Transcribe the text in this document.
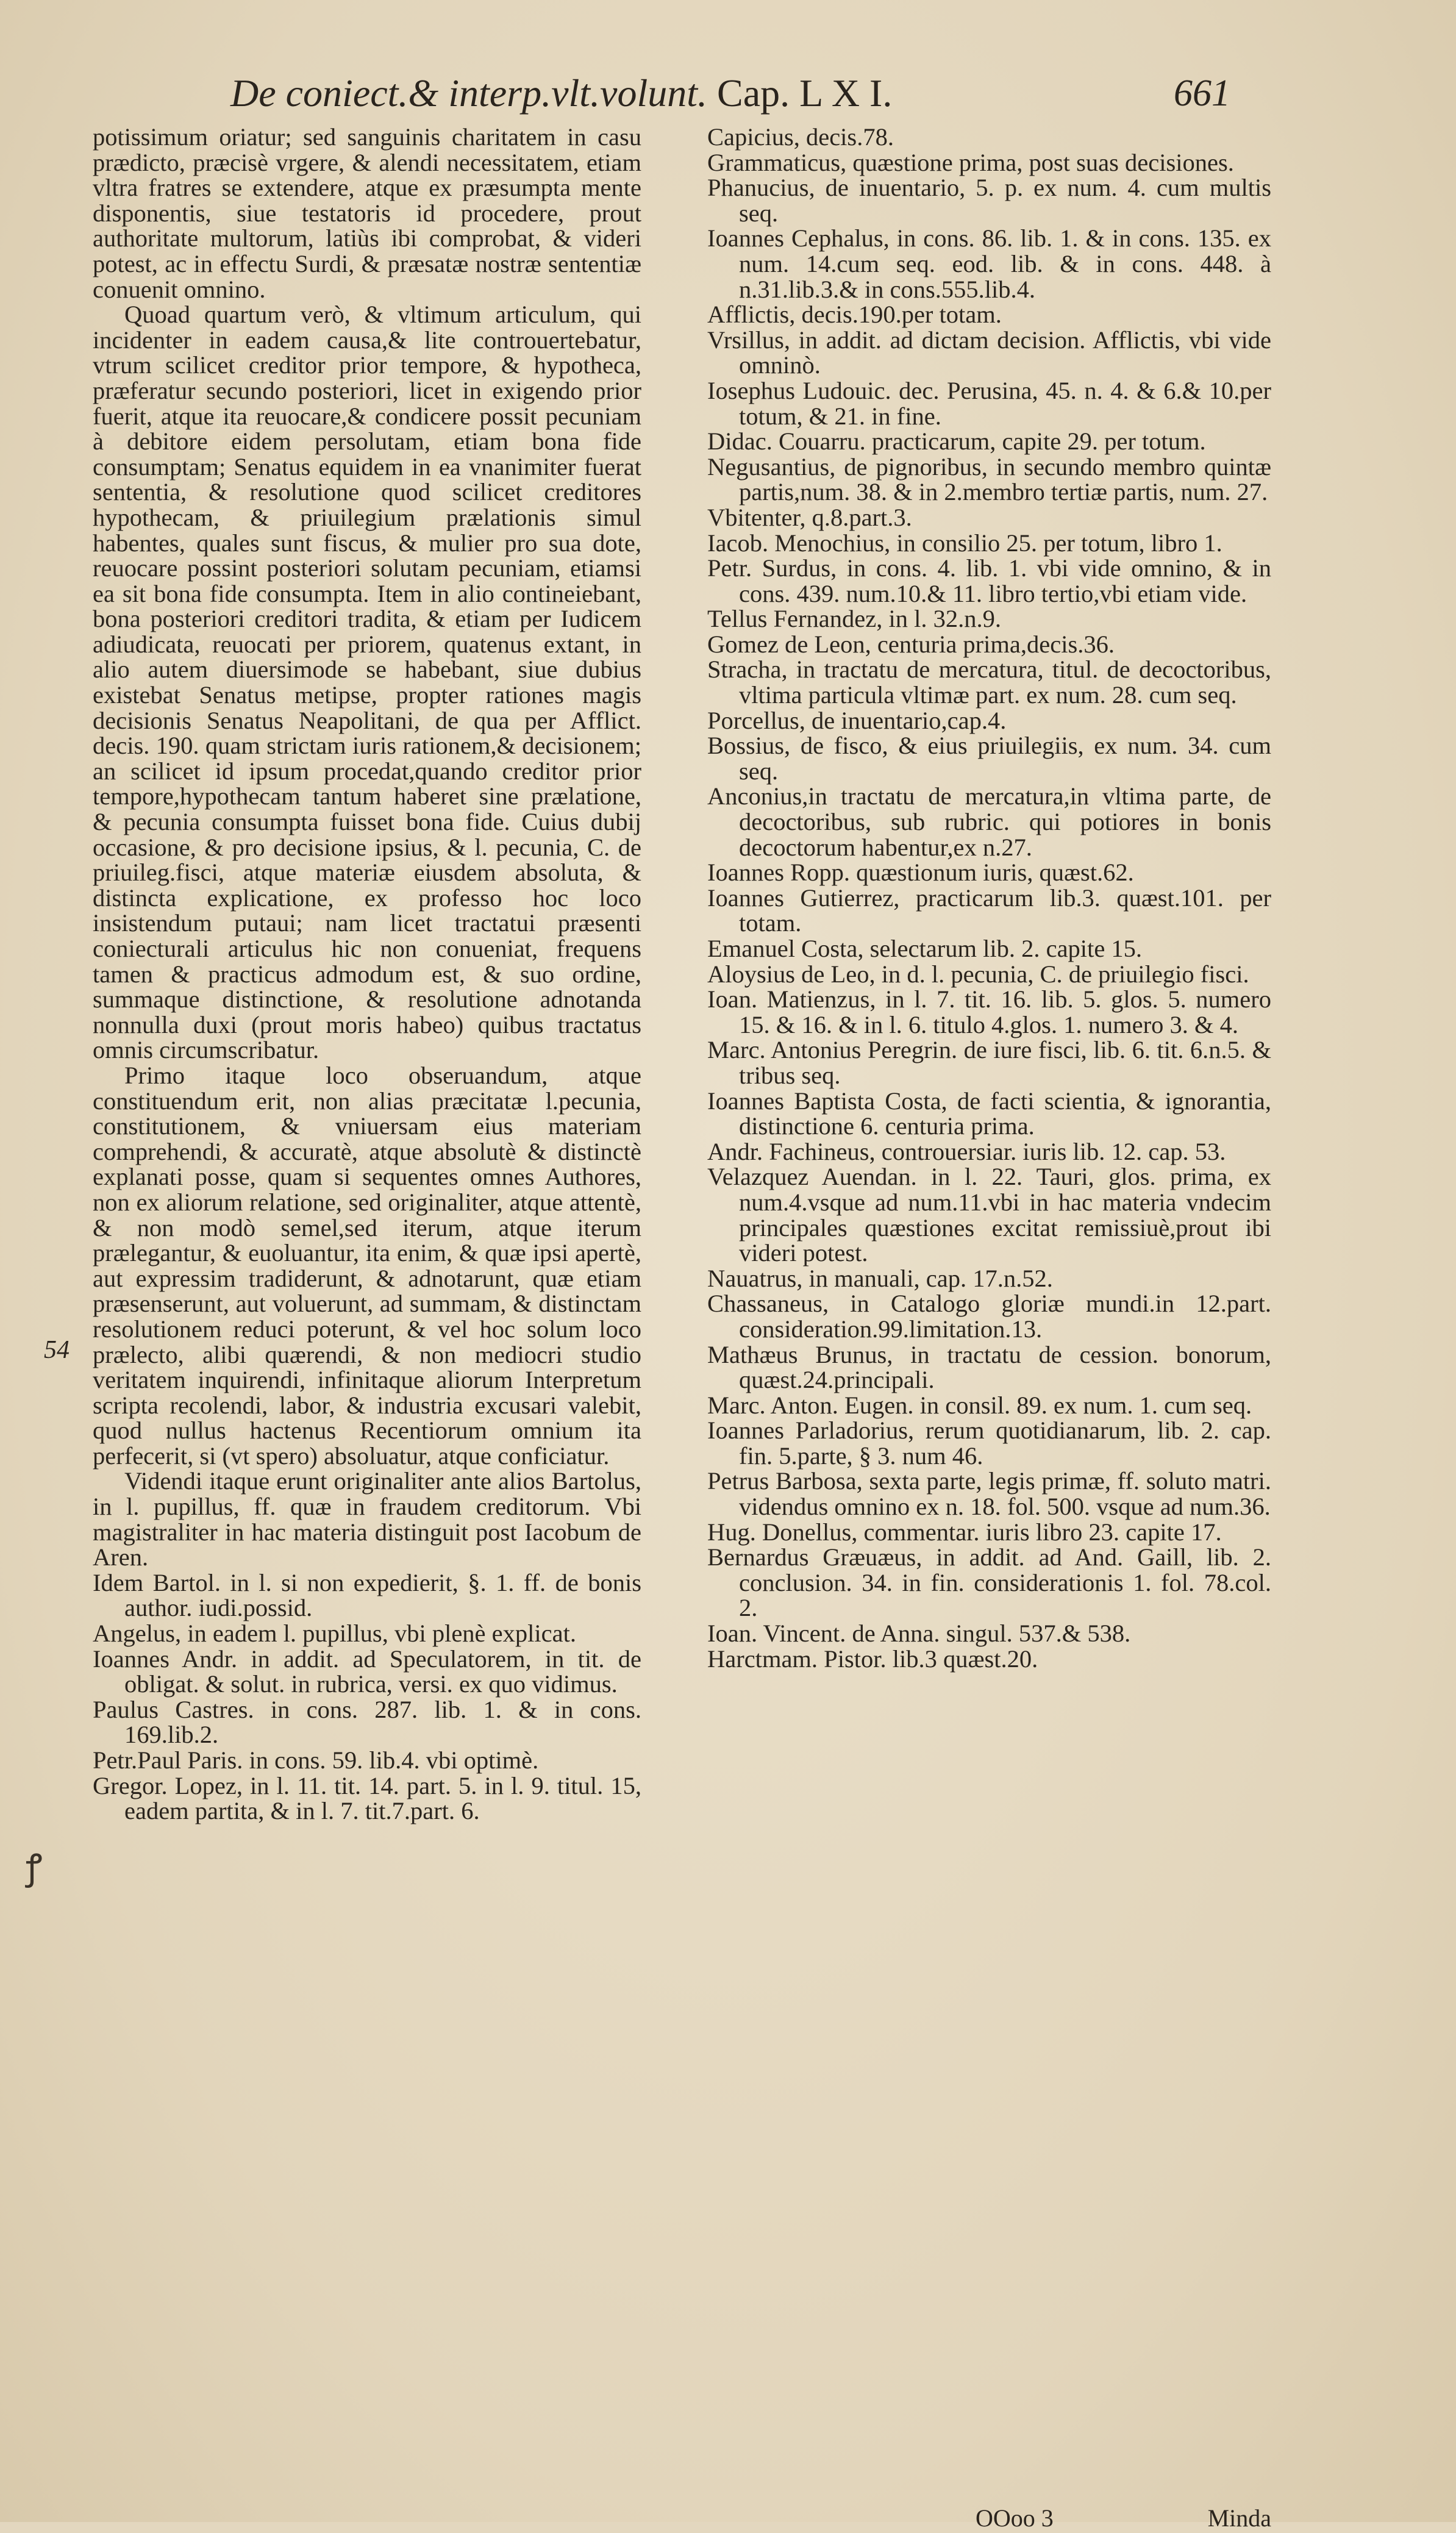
De coniect.& interp.vlt.volunt. Cap. L X I.	661

potissimum oriatur; sed sanguinis charitatem in casu prædicto, præcisè vrgere, & alendi necessitatem, etiam vltra fratres se extendere, atque ex præsumpta mente disponentis, siue testatoris id procedere, prout authoritate multorum, latiùs ibi comprobat, & videri potest, ac in effectu Surdi, & præsatæ nostræ sententiæ conuenit omnino.

Quoad quartum verò, & vltimum articulum, qui incidenter in eadem causa,& lite controuertebatur, vtrum scilicet creditor prior tempore, & hypotheca, præferatur secundo posteriori, licet in exigendo prior fuerit, atque ita reuocare,& condicere possit pecuniam à debitore eidem persolutam, etiam bona fide consumptam; Senatus equidem in ea vnanimiter fuerat sententia, & resolutione quod scilicet creditores hypothecam, & priuilegium prælationis simul habentes, quales sunt fiscus, & mulier pro sua dote, reuocare possint posteriori solutam pecuniam, etiamsi ea sit bona fide consumpta. Item in alio contineiebant, bona posteriori creditori tradita, & etiam per Iudicem adiudicata, reuocati per priorem, quatenus extant, in alio autem diuersimode se habebant, siue dubius existebat Senatus metipse, propter rationes magis decisionis Senatus Neapolitani, de qua per Afflict. decis. 190. quam strictam iuris rationem,& decisionem; an scilicet id ipsum procedat,quando creditor prior tempore,hypothecam tantum haberet sine prælatione, & pecunia consumpta fuisset bona fide. Cuius dubij occasione, & pro decisione ipsius, & l. pecunia, C. de priuileg.fisci, atque materiæ eiusdem absoluta, & distincta explicatione, ex professo hoc loco insistendum putaui; nam licet tractatui præsenti coniecturali articulus hic non conueniat, frequens tamen & practicus admodum est, & suo ordine, summaque distinctione, & resolutione adnotanda nonnulla duxi (prout moris habeo) quibus tractatus omnis circumscribatur.

Primo itaque loco obseruandum, atque constituendum erit, non alias præcitatæ l.pecunia, constitutionem, & vniuersam eius materiam comprehendi, & accuratè, atque absolutè & distinctè explanati posse, quam si sequentes omnes Authores, non ex aliorum relatione, sed originaliter, atque attentè, & non modò semel,sed iterum, atque iterum prælegantur, & euoluantur, ita enim, & quæ ipsi apertè, aut expressim tradiderunt, & adnotarunt, quæ etiam præsenserunt, aut voluerunt, ad summam, & distinctam resolutionem reduci poterunt, & vel hoc solum loco prælecto, alibi quærendi, & non mediocri studio veritatem inquirendi, infinitaque aliorum Interpretum scripta recolendi, labor, & industria excusari valebit, quod nullus hactenus Recentiorum omnium ita perfecerit, si (vt spero) absoluatur, atque conficiatur.

Videndi itaque erunt originaliter ante alios Bartolus, in l. pupillus, ff. quæ in fraudem creditorum. Vbi magistraliter in hac materia distinguit post Iacobum de Aren.

Idem Bartol. in l. si non expedierit, §. 1. ff. de bonis author. iudi.possid.

Angelus, in eadem l. pupillus, vbi plenè explicat.

Ioannes Andr. in addit. ad Speculatorem, in tit. de obligat. & solut. in rubrica, versi. ex quo vidimus.

Paulus Castres. in cons. 287. lib. 1. & in cons. 169.lib.2.

Petr.Paul Paris. in cons. 59. lib.4. vbi optimè.

Gregor. Lopez, in l. 11. tit. 14. part. 5. in l. 9. titul. 15, eadem partita, & in l. 7. tit.7.part. 6.

54
ꝭ

Capicius, decis.78.

Grammaticus, quæstione prima, post suas decisiones.

Phanucius, de inuentario, 5. p. ex num. 4. cum multis seq.

Ioannes Cephalus, in cons. 86. lib. 1. & in cons. 135. ex num. 14.cum seq. eod. lib. & in cons. 448. à n.31.lib.3.& in cons.555.lib.4.

Afflictis, decis.190.per totam.

Vrsillus, in addit. ad dictam decision. Afflictis, vbi vide omninò.

Iosephus Ludouic. dec. Perusina, 45. n. 4. & 6.& 10.per totum, & 21. in fine.

Didac. Couarru. practicarum, capite 29. per totum.

Negusantius, de pignoribus, in secundo membro quintæ partis,num. 38. & in 2.membro tertiæ partis, num. 27.

Vbitenter, q.8.part.3.

Iacob. Menochius, in consilio 25. per totum, libro 1.

Petr. Surdus, in cons. 4. lib. 1. vbi vide omnino, & in cons. 439. num.10.& 11. libro tertio,vbi etiam vide.

Tellus Fernandez, in l. 32.n.9.

Gomez de Leon, centuria prima,decis.36.

Stracha, in tractatu de mercatura, titul. de decoctoribus, vltima particula vltimæ part. ex num. 28. cum seq.

Porcellus, de inuentario,cap.4.

Bossius, de fisco, & eius priuilegiis, ex num. 34. cum seq.

Anconius,in tractatu de mercatura,in vltima parte, de decoctoribus, sub rubric. qui potiores in bonis decoctorum habentur,ex n.27.

Ioannes Ropp. quæstionum iuris, quæst.62.

Ioannes Gutierrez, practicarum lib.3. quæst.101. per totam.

Emanuel Costa, selectarum lib. 2. capite 15.

Aloysius de Leo, in d. l. pecunia, C. de priuilegio fisci.

Ioan. Matienzus, in l. 7. tit. 16. lib. 5. glos. 5. numero 15. & 16. & in l. 6. titulo 4.glos. 1. numero 3. & 4.

Marc. Antonius Peregrin. de iure fisci, lib. 6. tit. 6.n.5. & tribus seq.

Ioannes Baptista Costa, de facti scientia, & ignorantia, distinctione 6. centuria prima.

Andr. Fachineus, controuersiar. iuris lib. 12. cap. 53.

Velazquez Auendan. in l. 22. Tauri, glos. prima, ex num.4.vsque ad num.11.vbi in hac materia vndecim principales quæstiones excitat remissiuè,prout ibi videri potest.

Nauatrus, in manuali, cap. 17.n.52.

Chassaneus, in Catalogo gloriæ mundi.in 12.part. consideration.99.limitation.13.

Mathæus Brunus, in tractatu de cession. bonorum, quæst.24.principali.

Marc. Anton. Eugen. in consil. 89. ex num. 1. cum seq.

Ioannes Parladorius, rerum quotidianarum, lib. 2. cap. fin. 5.parte, § 3. num 46.

Petrus Barbosa, sexta parte, legis primæ, ff. soluto matri. videndus omnino ex n. 18. fol. 500. vsque ad num.36.

Hug. Donellus, commentar. iuris libro 23. capite 17.

Bernardus Græuæus, in addit. ad And. Gaill, lib. 2. conclusion. 34. in fin. considerationis 1. fol. 78.col. 2.

Ioan. Vincent. de Anna. singul. 537.& 538.

Harctmam. Pistor. lib.3 quæst.20.

OOoo 3	Minda
